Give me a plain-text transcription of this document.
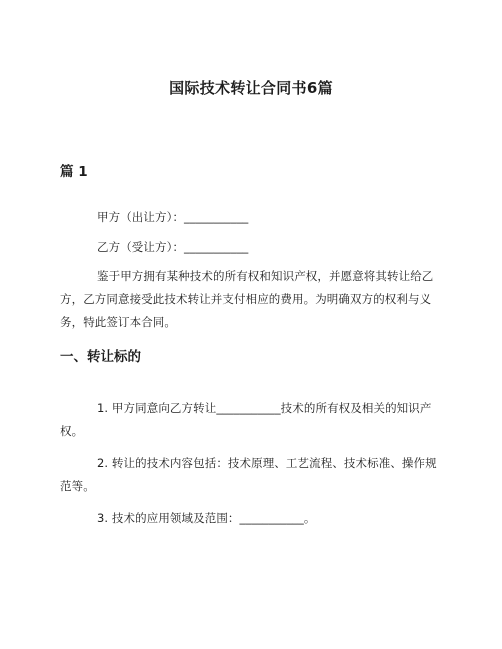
国际技术转让合同书6篇
篇 1
甲方（出让方）：___________
乙方（受让方）：___________
鉴于甲方拥有某种技术的所有权和知识产权，并愿意将其转让给乙方，乙方同意接受此技术转让并支付相应的费用。为明确双方的权利与义务，特此签订本合同。
一、转让标的
1. 甲方同意向乙方转让___________技术的所有权及相关的知识产权。
2. 转让的技术内容包括：技术原理、工艺流程、技术标准、操作规范等。
3. 技术的应用领域及范围：___________。
